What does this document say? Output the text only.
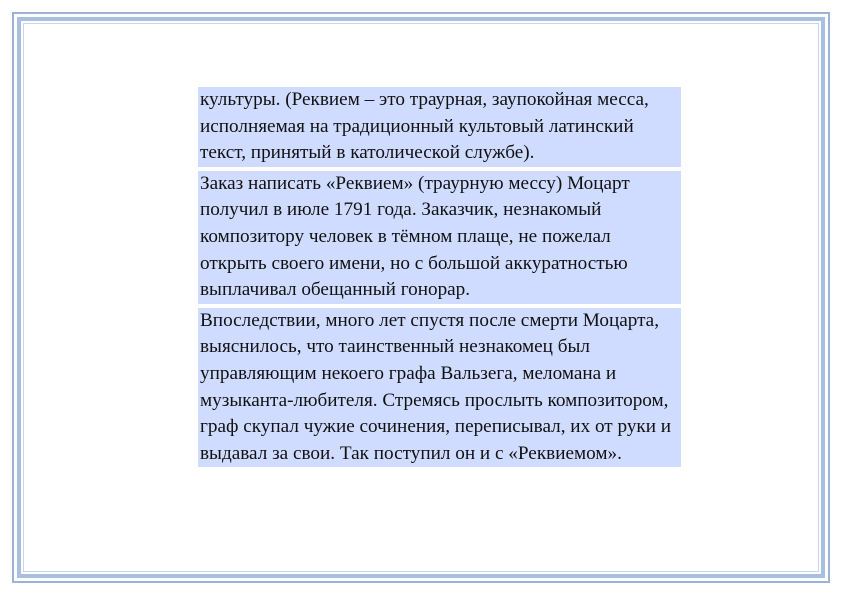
культуры. (Реквием – это траурная, заупокойная месса, исполняемая на традиционный культовый латинский текст, принятый в католической службе).
Заказ написать «Реквием» (траурную мессу) Моцарт получил в июле 1791 года. Заказчик, незнакомый композитору человек в тёмном плаще, не пожелал открыть своего имени, но с большой аккуратностью выплачивал обещанный гонорар.
Впоследствии, много лет спустя после смерти Моцарта, выяснилось, что таинственный незнакомец был управляющим некоего графа Вальзега, меломана и музыканта-любителя. Стремясь прослыть композитором, граф скупал чужие сочинения, переписывал, их от руки и выдавал за свои. Так поступил он и с «Реквиемом».
